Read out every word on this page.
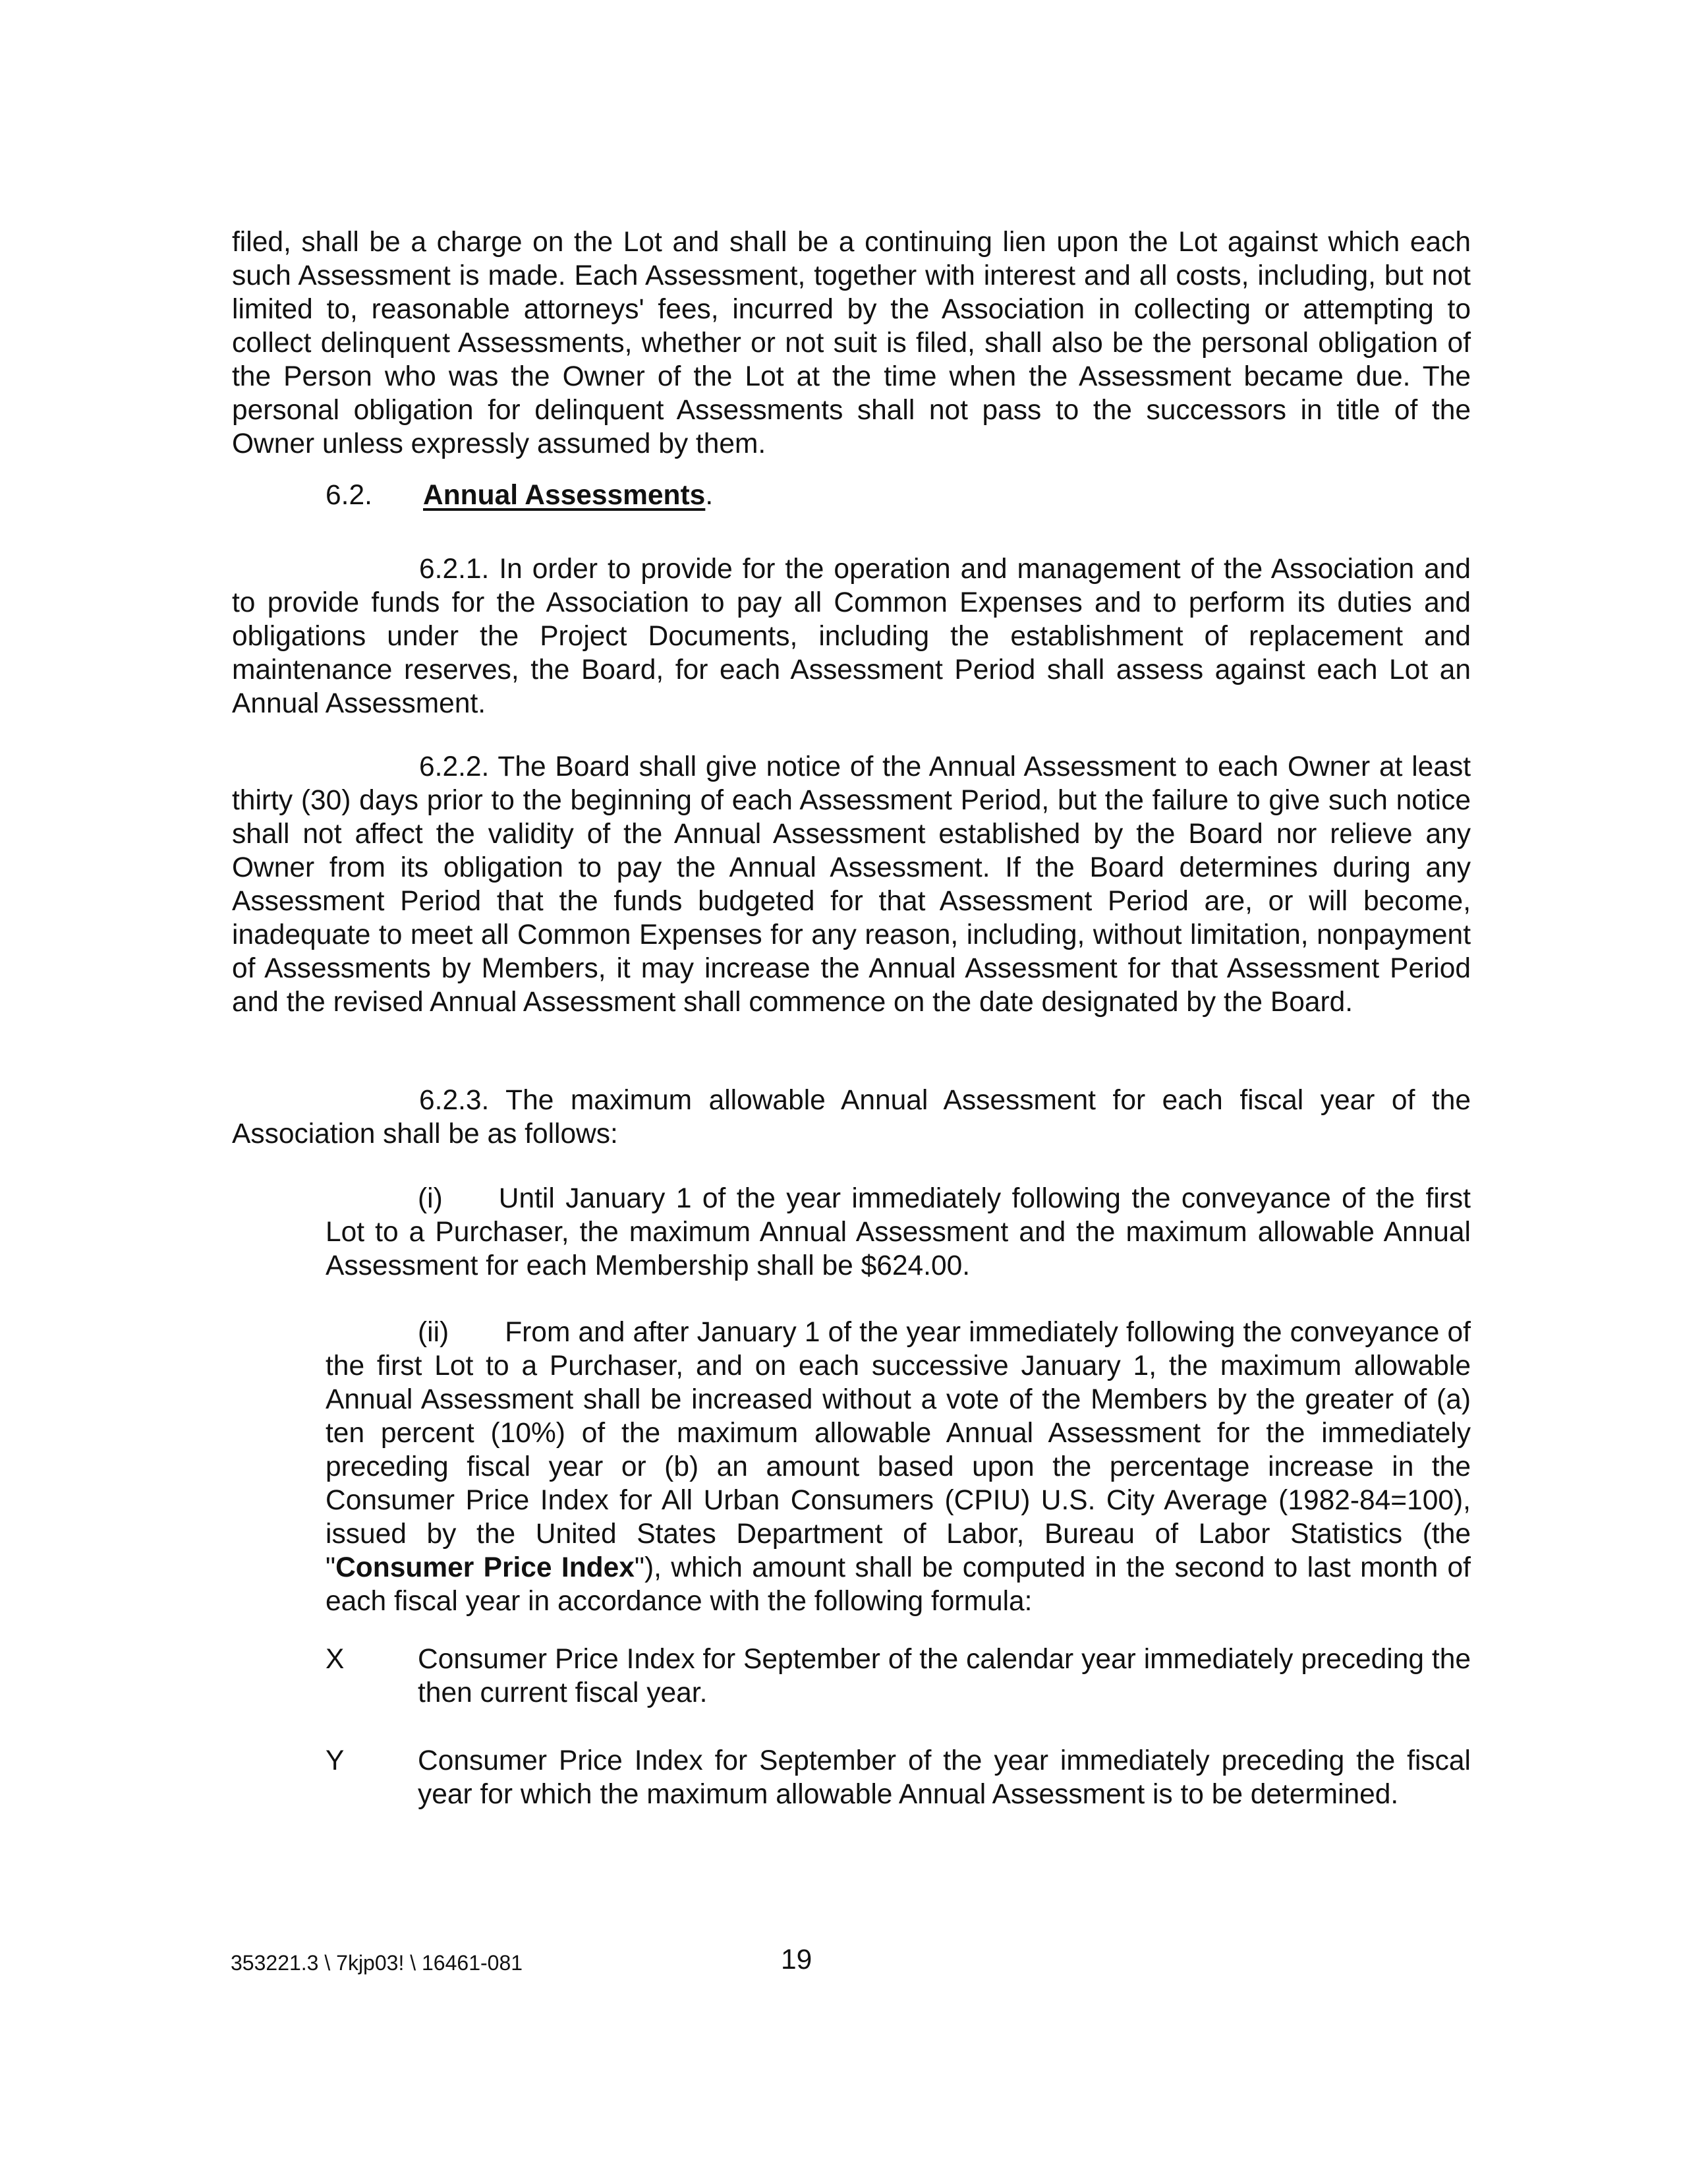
filed, shall be a charge on the Lot and shall be a continuing lien upon the Lot against which each such Assessment is made. Each Assessment, together with interest and all costs, including, but not limited to, reasonable attorneys' fees, incurred by the Association in collecting or attempting to collect delinquent Assessments, whether or not suit is filed, shall also be the personal obligation of the Person who was the Owner of the Lot at the time when the Assessment became due. The personal obligation for delinquent Assessments shall not pass to the successors in title of the Owner unless expressly assumed by them.

6.2. Annual Assessments.

6.2.1. In order to provide for the operation and management of the Association and to provide funds for the Association to pay all Common Expenses and to perform its duties and obligations under the Project Documents, including the establishment of replacement and maintenance reserves, the Board, for each Assessment Period shall assess against each Lot an Annual Assessment.

6.2.2. The Board shall give notice of the Annual Assessment to each Owner at least thirty (30) days prior to the beginning of each Assessment Period, but the failure to give such notice shall not affect the validity of the Annual Assessment established by the Board nor relieve any Owner from its obligation to pay the Annual Assessment. If the Board determines during any Assessment Period that the funds budgeted for that Assessment Period are, or will become, inadequate to meet all Common Expenses for any reason, including, without limitation, nonpayment of Assessments by Members, it may increase the Annual Assessment for that Assessment Period and the revised Annual Assessment shall commence on the date designated by the Board.

6.2.3. The maximum allowable Annual Assessment for each fiscal year of the Association shall be as follows:

(i)  Until January 1 of the year immediately following the conveyance of the first Lot to a Purchaser, the maximum Annual Assessment and the maximum allowable Annual Assessment for each Membership shall be $624.00.

(ii)  From and after January 1 of the year immediately following the conveyance of the first Lot to a Purchaser, and on each successive January 1, the maximum allowable Annual Assessment shall be increased without a vote of the Members by the greater of (a) ten percent (10%) of the maximum allowable Annual Assessment for the immediately preceding fiscal year or (b) an amount based upon the percentage increase in the Consumer Price Index for All Urban Consumers (CPIU) U.S. City Average (1982-84=100), issued by the United States Department of Labor, Bureau of Labor Statistics (the "Consumer Price Index"), which amount shall be computed in the second to last month of each fiscal year in accordance with the following formula:

X	Consumer Price Index for September of the calendar year immediately preceding the then current fiscal year.
Y	Consumer Price Index for September of the year immediately preceding the fiscal year for which the maximum allowable Annual Assessment is to be determined.
353221.3 \ 7kjp03! \ 16461-081	19
